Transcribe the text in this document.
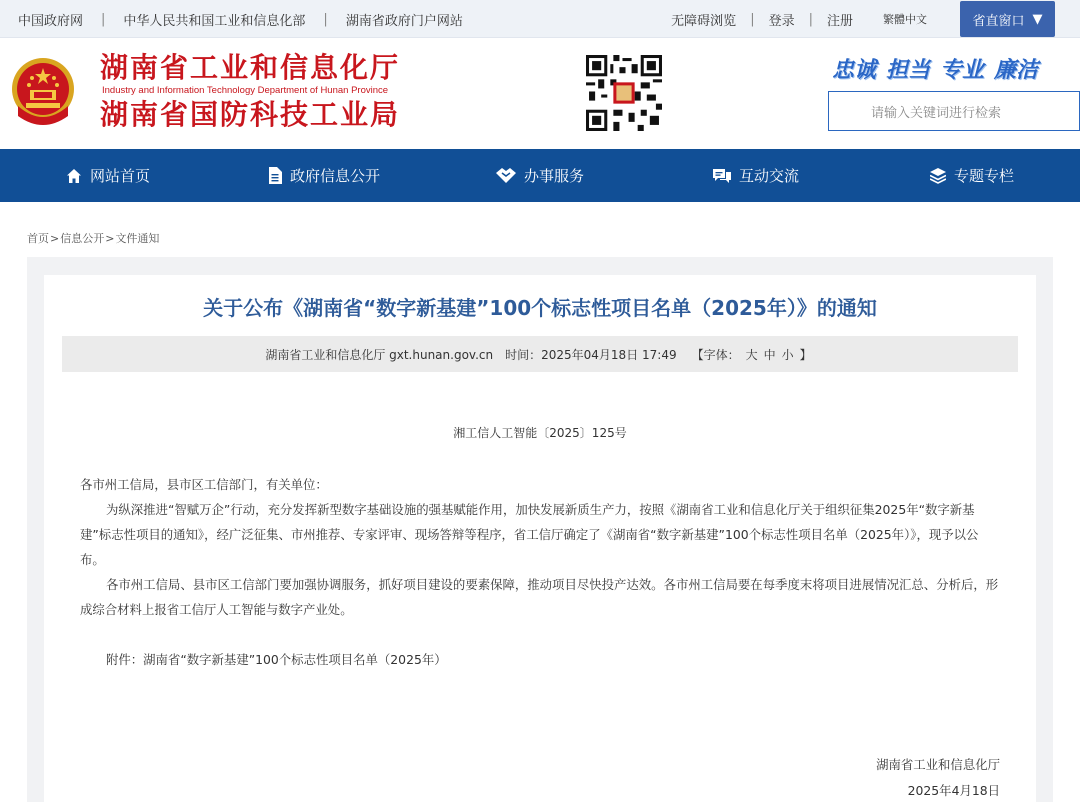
中国政府网 | 中华人民共和国工业和信息化部 | 湖南省政府门户网站	无障碍浏览 | 登录 | 注册	繁體中文	省直窗口 ▼
湖南省工业和信息化厅
Industry and Information Technology Department of Hunan Province
湖南省国防科技工业局
忠诚 担当 专业 廉洁
请输入关键词进行检索
网站首页	政府信息公开	办事服务	互动交流	专题专栏
首页>信息公开>文件通知
关于公布《湖南省“数字新基建”100个标志性项目名单（2025年）》的通知
湖南省工业和信息化厅 gxt.hunan.gov.cn 时间：2025年04月18日 17:49 【字体： 大 中 小 】
湘工信人工智能〔2025〕125号

各市州工信局，县市区工信部门，有关单位：

为纵深推进“智赋万企”行动，充分发挥新型数字基础设施的强基赋能作用，加快发展新质生产力，按照《湖南省工业和信息化厅关于组织征集2025年“数字新基建”标志性项目的通知》，经广泛征集、市州推荐、专家评审、现场答辩等程序，省工信厅确定了《湖南省“数字新基建”100个标志性项目名单（2025年）》，现予以公布。

各市州工信局、县市区工信部门要加强协调服务，抓好项目建设的要素保障，推动项目尽快投产达效。各市州工信局要在每季度末将项目进展情况汇总、分析后，形成综合材料上报省工信厅人工智能与数字产业处。

附件：湖南省“数字新基建”100个标志性项目名单（2025年）
湖南省工业和信息化厅
2025年4月18日
